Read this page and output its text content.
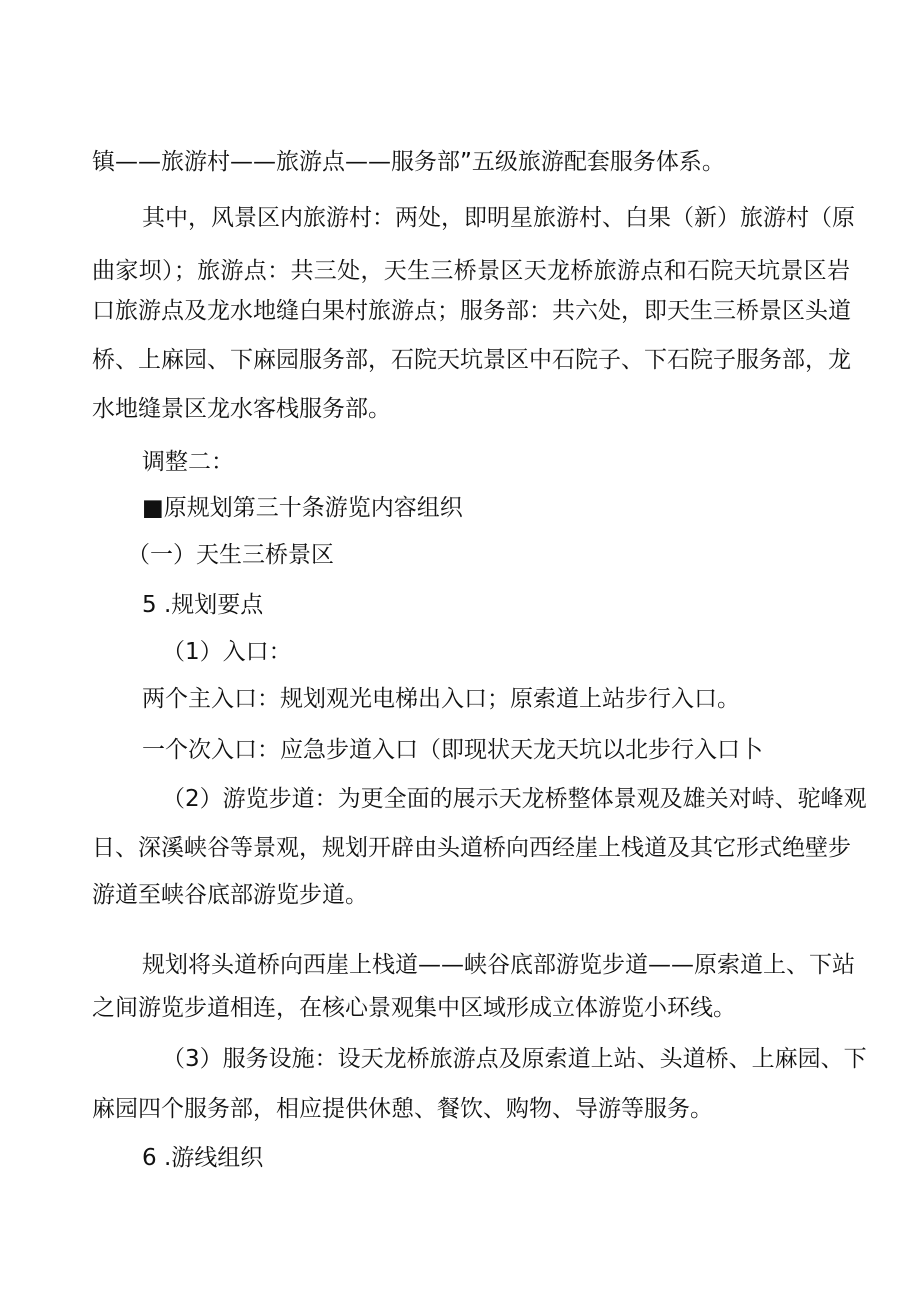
镇——旅游村——旅游点——服务部”五级旅游配套服务体系。
其中，风景区内旅游村：两处，即明星旅游村、白果（新）旅游村（原
曲家坝）；旅游点：共三处，天生三桥景区天龙桥旅游点和石院天坑景区岩
口旅游点及龙水地缝白果村旅游点；服务部：共六处，即天生三桥景区头道
桥、上麻园、下麻园服务部，石院天坑景区中石院子、下石院子服务部，龙
水地缝景区龙水客栈服务部。
调整二：
■原规划第三十条游览内容组织
（一）天生三桥景区
5 .规划要点
（1）入口：
两个主入口：规划观光电梯出入口；原索道上站步行入口。
一个次入口：应急步道入口（即现状天龙天坑以北步行入口卜
（2）游览步道：为更全面的展示天龙桥整体景观及雄关对峙、驼峰观
日、深溪峡谷等景观，规划开辟由头道桥向西经崖上栈道及其它形式绝壁步
游道至峡谷底部游览步道。
规划将头道桥向西崖上栈道——峡谷底部游览步道——原索道上、下站
之间游览步道相连，在核心景观集中区域形成立体游览小环线。
（3）服务设施：设天龙桥旅游点及原索道上站、头道桥、上麻园、下
麻园四个服务部，相应提供休憩、餐饮、购物、导游等服务。
6 .游线组织
